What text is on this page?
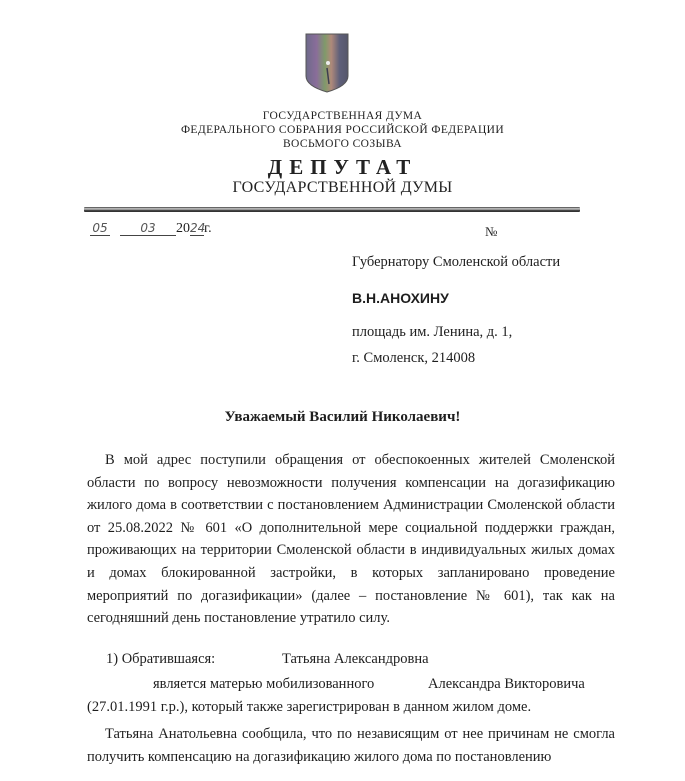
ГОСУДАРСТВЕННАЯ ДУМА
ФЕДЕРАЛЬНОГО СОБРАНИЯ РОССИЙСКОЙ ФЕДЕРАЦИИ
ВОСЬМОГО СОЗЫВА
ДЕПУТАТ
ГОСУДАРСТВЕННОЙ ДУМЫ
05	03 2024г.	№
Губернатору Смоленской области
В.Н.АНОХИНУ
площадь им. Ленина, д. 1,
г. Смоленск, 214008
Уважаемый Василий Николаевич!
В мой адрес поступили обращения от обеспокоенных жителей Смоленской области по вопросу невозможности получения компенсации на догазификацию жилого дома в соответствии с постановлением Администрации Смоленской области от 25.08.2022 № 601 «О дополнительной мере социальной поддержки граждан, проживающих на территории Смоленской области в индивидуальных жилых домах и домах блокированной застройки, в которых запланировано проведение мероприятий по догазификации» (далее – постановление № 601), так как на сегодняшний день постановление утратило силу.
1) Обратившаяся:	Татьяна Александровна
является матерью мобилизованного	Александра Викторовича
(27.01.1991 г.р.), который также зарегистрирован в данном жилом доме.
Татьяна Анатольевна сообщила, что по независящим от нее причинам не смогла получить компенсацию на догазификацию жилого дома по постановлению
